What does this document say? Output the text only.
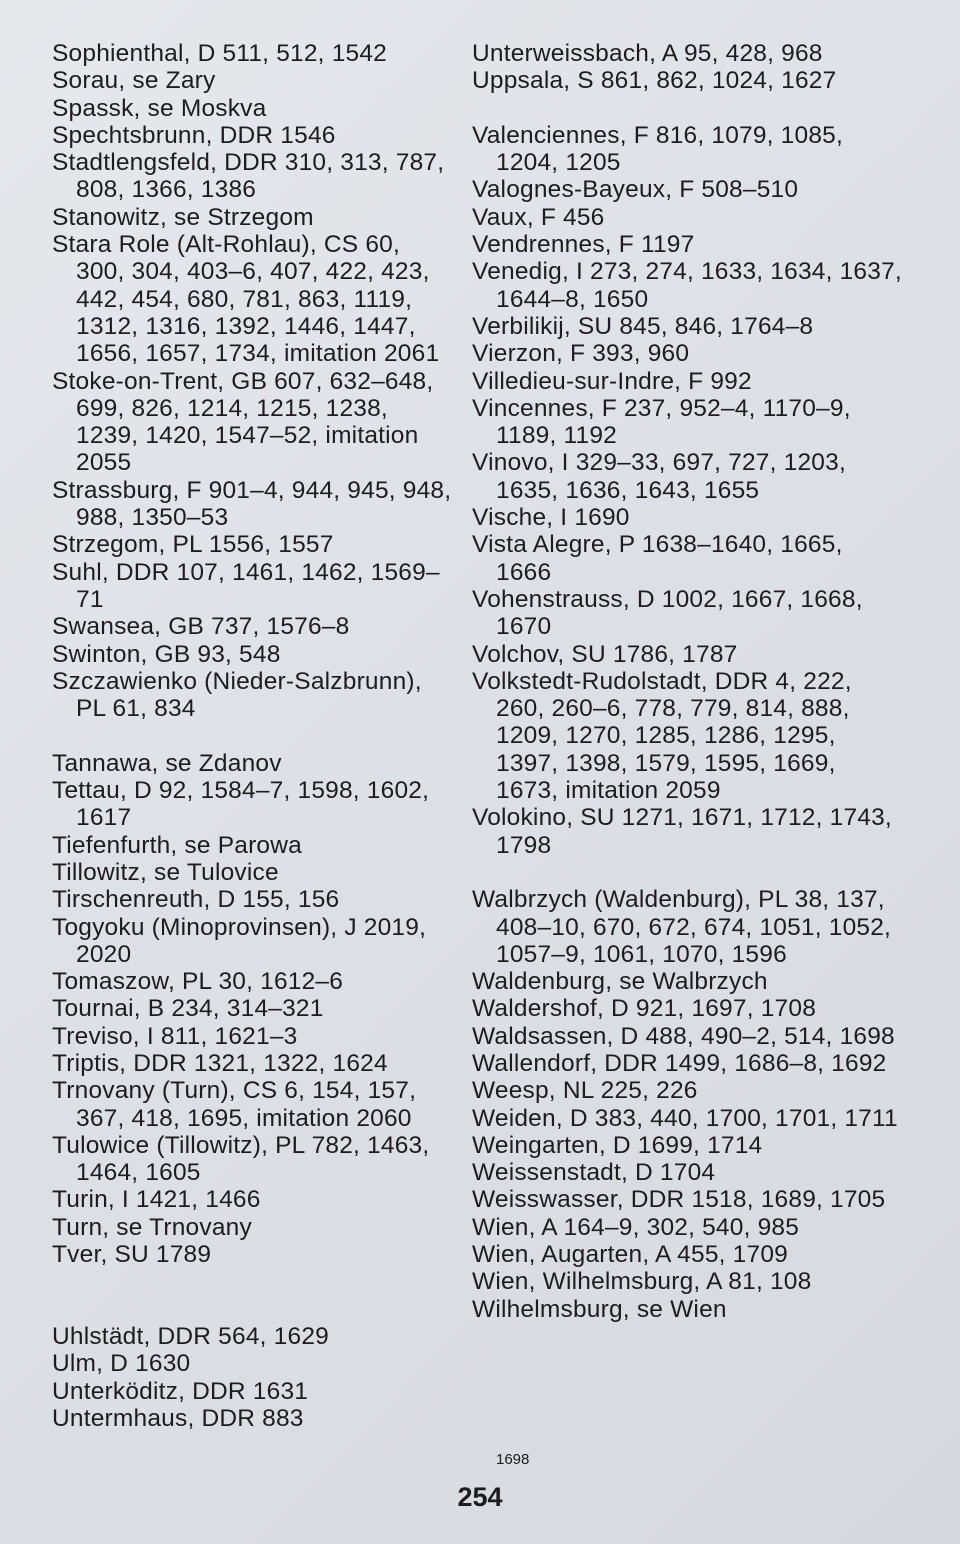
Sophienthal, D 511, 512, 1542

Sorau, se Zary

Spassk, se Moskva

Spechtsbrunn, DDR 1546

Stadtlengsfeld, DDR 310, 313, 787, 808, 1366, 1386

Stanowitz, se Strzegom

Stara Role (Alt-Rohlau), CS 60, 300, 304, 403–6, 407, 422, 423, 442, 454, 680, 781, 863, 1119, 1312, 1316, 1392, 1446, 1447, 1656, 1657, 1734, imitation 2061

Stoke-on-Trent, GB 607, 632–648, 699, 826, 1214, 1215, 1238, 1239, 1420, 1547–52, imitation 2055

Strassburg, F 901–4, 944, 945, 948, 988, 1350–53

Strzegom, PL 1556, 1557

Suhl, DDR 107, 1461, 1462, 1569–71

Swansea, GB 737, 1576–8

Swinton, GB 93, 548

Szczawienko (Nieder-Salzbrunn), PL 61, 834

Tannawa, se Zdanov

Tettau, D 92, 1584–7, 1598, 1602, 1617

Tiefenfurth, se Parowa

Tillowitz, se Tulovice

Tirschenreuth, D 155, 156

Togyoku (Minoprovinsen), J 2019, 2020

Tomaszow, PL 30, 1612–6

Tournai, B 234, 314–321

Treviso, I 811, 1621–3

Triptis, DDR 1321, 1322, 1624

Trnovany (Turn), CS 6, 154, 157, 367, 418, 1695, imitation 2060

Tulowice (Tillowitz), PL 782, 1463, 1464, 1605

Turin, I 1421, 1466

Turn, se Trnovany

Tver, SU 1789

Uhlstädt, DDR 564, 1629

Ulm, D 1630

Unterköditz, DDR 1631

Untermhaus, DDR 883

Unterweissbach, A 95, 428, 968

Uppsala, S 861, 862, 1024, 1627

Valenciennes, F 816, 1079, 1085, 1204, 1205

Valognes-Bayeux, F 508–510

Vaux, F 456

Vendrennes, F 1197

Venedig, I 273, 274, 1633, 1634, 1637, 1644–8, 1650

Verbilikij, SU 845, 846, 1764–8

Vierzon, F 393, 960

Villedieu-sur-Indre, F 992

Vincennes, F 237, 952–4, 1170–9, 1189, 1192

Vinovo, I 329–33, 697, 727, 1203, 1635, 1636, 1643, 1655

Vische, I 1690

Vista Alegre, P 1638–1640, 1665, 1666

Vohenstrauss, D 1002, 1667, 1668, 1670

Volchov, SU 1786, 1787

Volkstedt-Rudolstadt, DDR 4, 222, 260, 260–6, 778, 779, 814, 888, 1209, 1270, 1285, 1286, 1295, 1397, 1398, 1579, 1595, 1669, 1673, imitation 2059

Volokino, SU 1271, 1671, 1712, 1743, 1798

Walbrzych (Waldenburg), PL 38, 137, 408–10, 670, 672, 674, 1051, 1052, 1057–9, 1061, 1070, 1596

Waldenburg, se Walbrzych

Waldershof, D 921, 1697, 1708

Waldsassen, D 488, 490–2, 514, 1698

Wallendorf, DDR 1499, 1686–8, 1692

Weesp, NL 225, 226

Weiden, D 383, 440, 1700, 1701, 1711

Weingarten, D 1699, 1714

Weissenstadt, D 1704

Weisswasser, DDR 1518, 1689, 1705

Wien, A 164–9, 302, 540, 985

Wien, Augarten, A 455, 1709

Wien, Wilhelmsburg, A 81, 108

Wilhelmsburg, se Wien

1698
254
